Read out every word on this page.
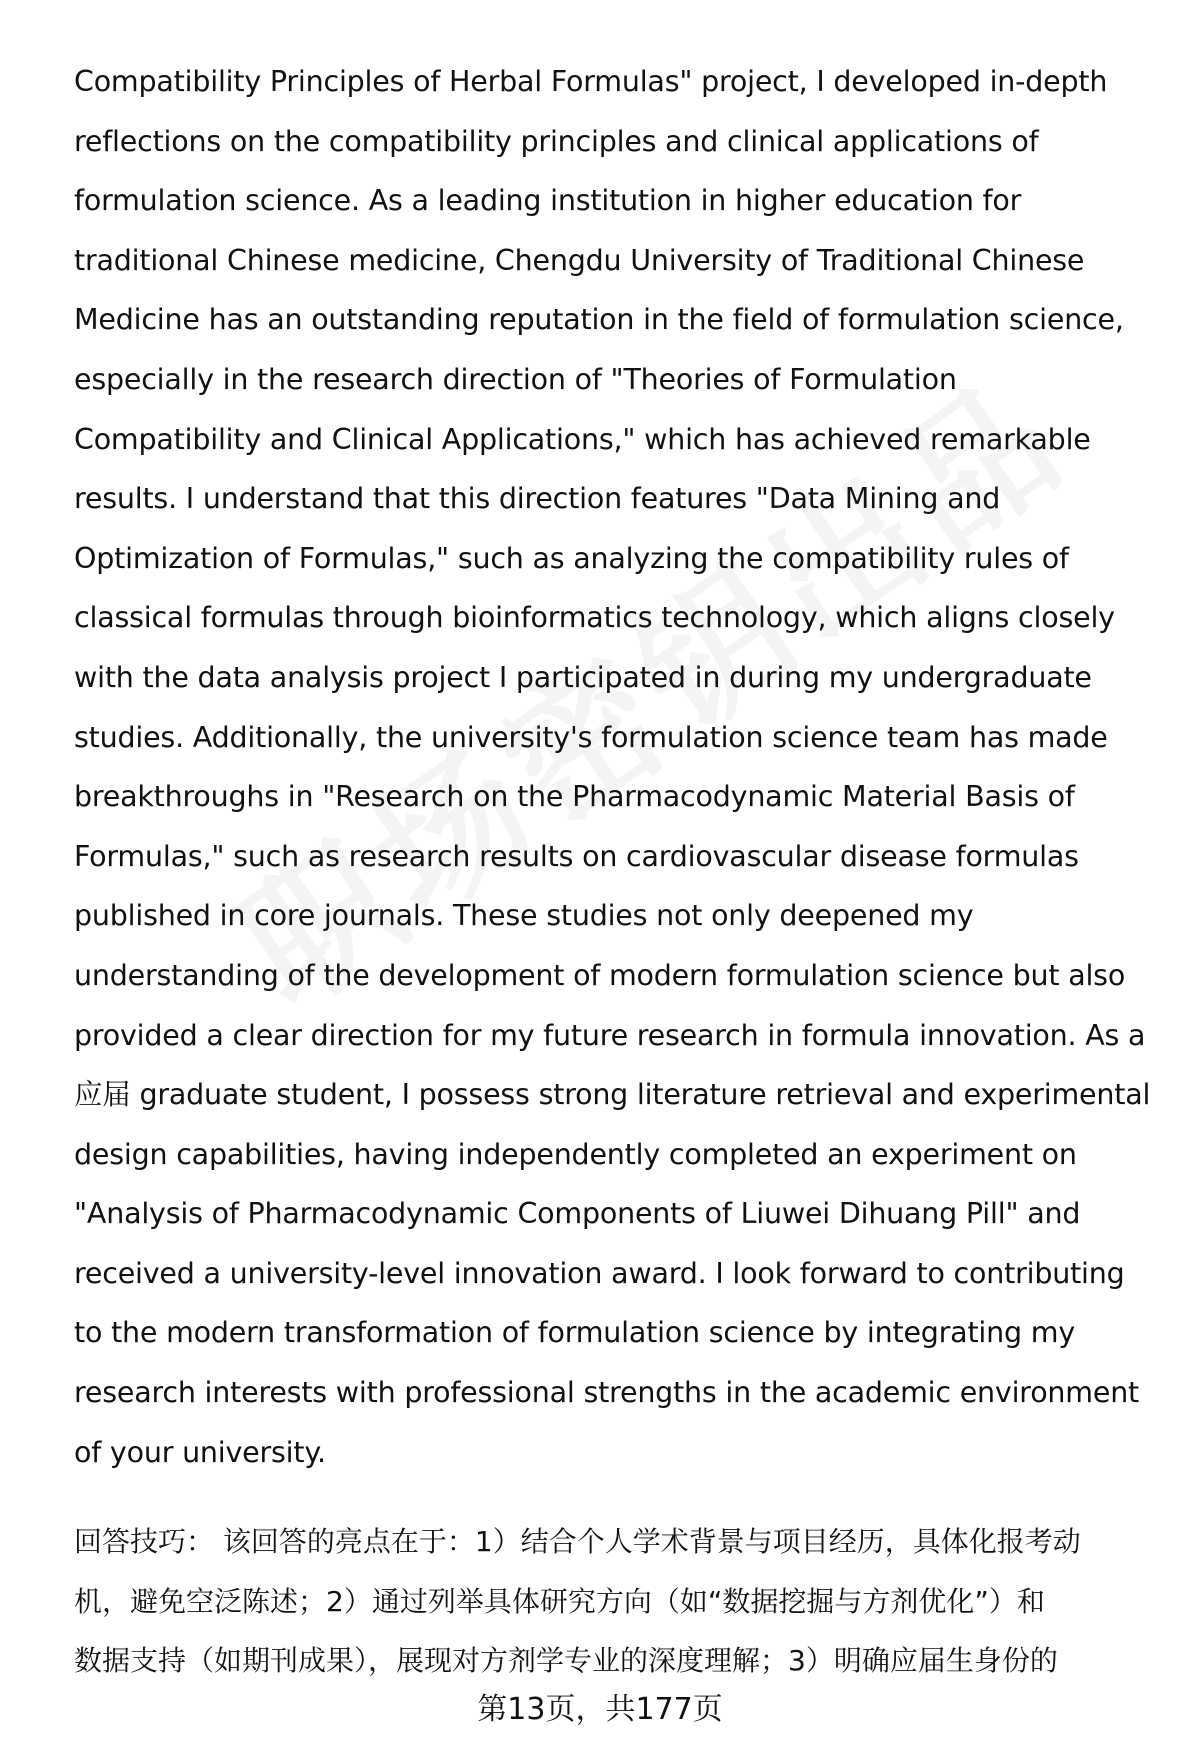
Compatibility Principles of Herbal Formulas" project, I developed in-depth
reflections on the compatibility principles and clinical applications of
formulation science. As a leading institution in higher education for
traditional Chinese medicine, Chengdu University of Traditional Chinese
Medicine has an outstanding reputation in the field of formulation science,
especially in the research direction of "Theories of Formulation
Compatibility and Clinical Applications," which has achieved remarkable
results. I understand that this direction features "Data Mining and
Optimization of Formulas," such as analyzing the compatibility rules of
classical formulas through bioinformatics technology, which aligns closely
with the data analysis project I participated in during my undergraduate
studies. Additionally, the university's formulation science team has made
breakthroughs in "Research on the Pharmacodynamic Material Basis of
Formulas," such as research results on cardiovascular disease formulas
published in core journals. These studies not only deepened my
understanding of the development of modern formulation science but also
provided a clear direction for my future research in formula innovation. As a
应届 graduate student, I possess strong literature retrieval and experimental
design capabilities, having independently completed an experiment on
"Analysis of Pharmacodynamic Components of Liuwei Dihuang Pill" and
received a university-level innovation award. I look forward to contributing
to the modern transformation of formulation science by integrating my
research interests with professional strengths in the academic environment
of your university.

回答技巧： 该回答的亮点在于：1）结合个人学术背景与项目经历，具体化报考动
机，避免空泛陈述；2）通过列举具体研究方向（如“数据挖掘与方剂优化”）和
数据支持（如期刊成果），展现对方剂学专业的深度理解；3）明确应届生身份的

第13页，共177页
